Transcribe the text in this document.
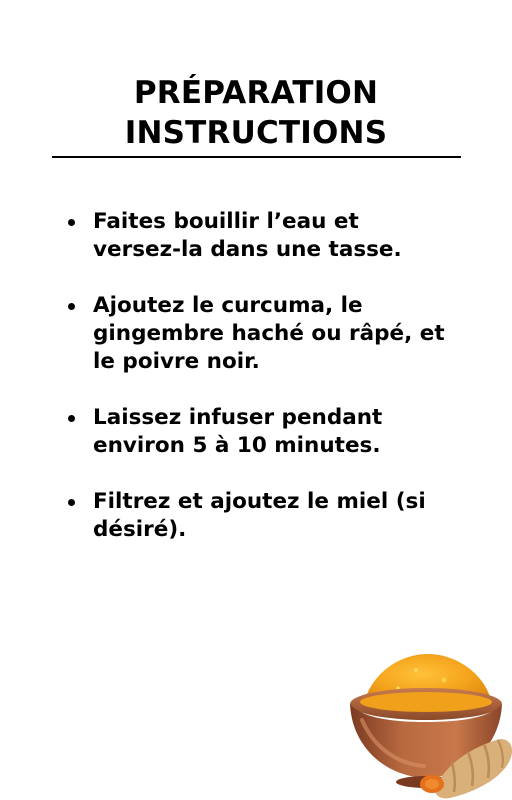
PRÉPARATION
INSTRUCTIONS
Faites bouillir l’eau et versez-la dans une tasse.
Ajoutez le curcuma, le gingembre haché ou râpé, et le poivre noir.
Laissez infuser pendant environ 5 à 10 minutes.
Filtrez et ajoutez le miel (si désiré).
